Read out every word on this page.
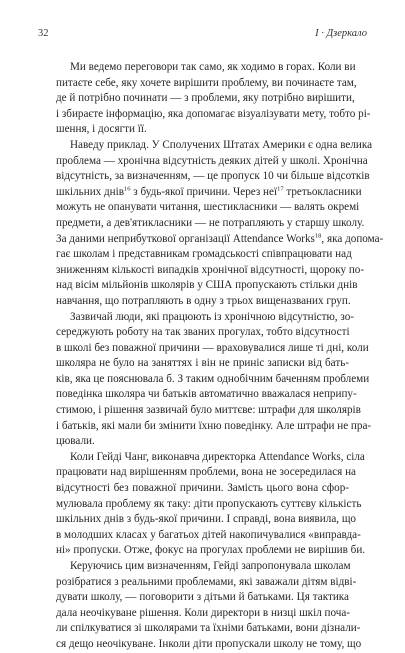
32	I · Дзеркало
Ми ведемо переговори так само, як ходимо в горах. Коли ви
питаєте себе, яку хочете вирішити проблему, ви починаєте там,
де й потрібно починати — з проблеми, яку потрібно вирішити,
і збираєте інформацію, яка допомагає візуалізувати мету, тобто рі-
шення, і досягти її.
Наведу приклад. У Сполучених Штатах Америки є одна велика
проблема — хронічна відсутність деяких дітей у школі. Хронічна
відсутність, за визначенням, — це пропуск 10 чи більше відсотків
шкільних днів$^{16}$ з будь-якої причини. Через неї$^{17}$ третьокласники
можуть не опанувати читання, шестикласники — валять окремі
предмети, а дев'ятикласники — не потрапляють у старшу школу.
За даними неприбуткової організації Attendance Works$^{18}$, яка допома-
гає школам і представникам громадськості співпрацювати над
зниженням кількості випадків хронічної відсутності, щороку по-
над вісім мільйонів школярів у США пропускають стільки днів
навчання, що потрапляють в одну з трьох вищеназваних груп.
Зазвичай люди, які працюють із хронічною відсутністю, зо-
середжують роботу на так званих прогулах, тобто відсутності
в школі без поважної причини — враховувалися лише ті дні, коли
школяра не було на заняттях і він не приніс записки від бать-
ків, яка це пояснювала б. З таким однобічним баченням проблеми
поведінка школяра чи батьків автоматично вважалася неприпу-
стимою, і рішення зазвичай було миттєве: штрафи для школярів
і батьків, які мали би змінити їхню поведінку. Але штрафи не пра-
цювали.
Коли Гейді Чанг, виконавча директорка Attendance Works, сіла
працювати над вирішенням проблеми, вона не зосередилася на
відсутності без поважної причини. Замість цього вона сфор-
мулювала проблему як таку: діти пропускають суттєву кількість
шкільних днів з будь-якої причини. І справді, вона виявила, що
в молодших класах у багатьох дітей накопичувалися «виправда-
ні» пропуски. Отже, фокус на прогулах проблеми не вирішив би.
Керуючись цим визначенням, Гейді запропонувала школам
розібратися з реальними проблемами, які заважали дітям відві-
дувати школу, — поговорити з дітьми й батьками. Ця тактика
дала неочікуване рішення. Коли директори в низці шкіл поча-
ли спілкуватися зі школярами та їхніми батьками, вони дізнали-
ся дещо неочікуване. Інколи діти пропускали школу не тому, що
